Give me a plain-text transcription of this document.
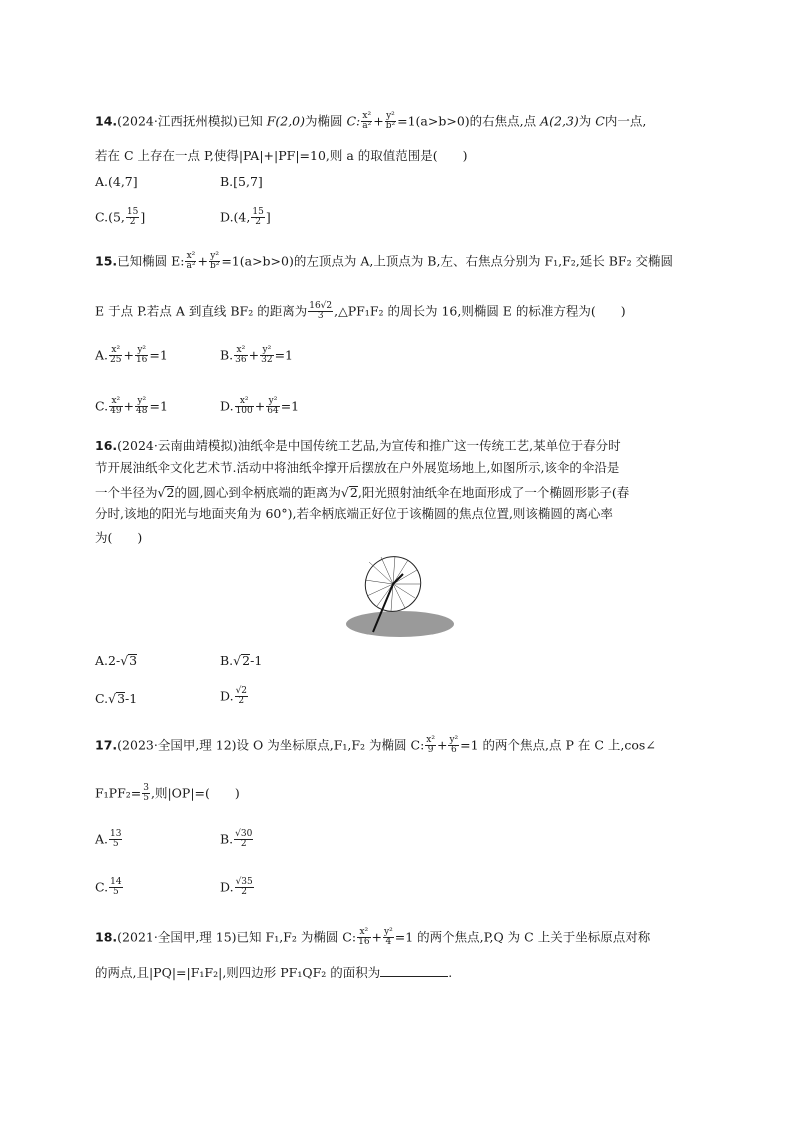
14.(2024·江西抚州模拟)已知 F(2,0)为椭圆 C: $\frac{\text{x²}}{\text{a²}} + \frac{\text{y²}}{\text{b²}} =1(a>b>0)$的右焦点,点 A(2,3)为 C内一点,
若在 C 上存在一点 P,使得|PA|+|PF|=10,则 a 的取值范围是(　　)
A.(4,7]	B.[5,7]
C.(5, $\frac{15}{2}$ ]	D.(4, $\frac{15}{2}$ ]
15.已知椭圆 E: $\frac{\text{x²}}{\text{a²}} + \frac{\text{y²}}{\text{b²}} =1(a>b>0)$的左顶点为 A,上顶点为 B,左、右焦点分别为 F₁,F₂,延长 BF₂ 交椭圆
E 于点 P.若点 A 到直线 BF₂ 的距离为 $\frac{16√2}{3}$ ,△PF₁F₂ 的周长为 16,则椭圆 E 的标准方程为(　　)
A. $\frac{\text{x²}}{25} + \frac{\text{y²}}{16} =1$	B. $\frac{\text{x²}}{36} + \frac{\text{y²}}{32} =1$
C. $\frac{\text{x²}}{49} + \frac{\text{y²}}{48} =1$	D. $\frac{\text{x²}}{100} + \frac{\text{y²}}{64} =1$
16.(2024·云南曲靖模拟)油纸伞是中国传统工艺品,为宣传和推广这一传统工艺,某单位于春分时
节开展油纸伞文化艺术节.活动中将油纸伞撑开后摆放在户外展览场地上,如图所示,该伞的伞沿是
一个半径为√2的圆,圆心到伞柄底端的距离为√2,阳光照射油纸伞在地面形成了一个椭圆形影子(春
分时,该地的阳光与地面夹角为 60°),若伞柄底端正好位于该椭圆的焦点位置,则该椭圆的离心率
为(　　)
A.2-√3	B.√2-1
C.√3-1	D. $\frac{√2}{2}$
17.(2023·全国甲,理 12)设 O 为坐标原点,F₁,F₂ 为椭圆 C: $\frac{\text{x²}}{9} + \frac{\text{y²}}{6} =1$ 的两个焦点,点 P 在 C 上,cos∠
$F_1PF_2= \frac{3}{5}$ ,则|OP|=(　　)
A. $\frac{13}{5}$	B. $\frac{√30}{2}$
C. $\frac{14}{5}$	D. $\frac{√35}{2}$
18.(2021·全国甲,理 15)已知 F₁,F₂ 为椭圆 C: $\frac{\text{x²}}{16} + \frac{\text{y²}}{4} =1$ 的两个焦点,P,Q 为 C 上关于坐标原点对称
的两点,且|PQ|=|F₁F₂|,则四边形 PF₁QF₂ 的面积为	.
